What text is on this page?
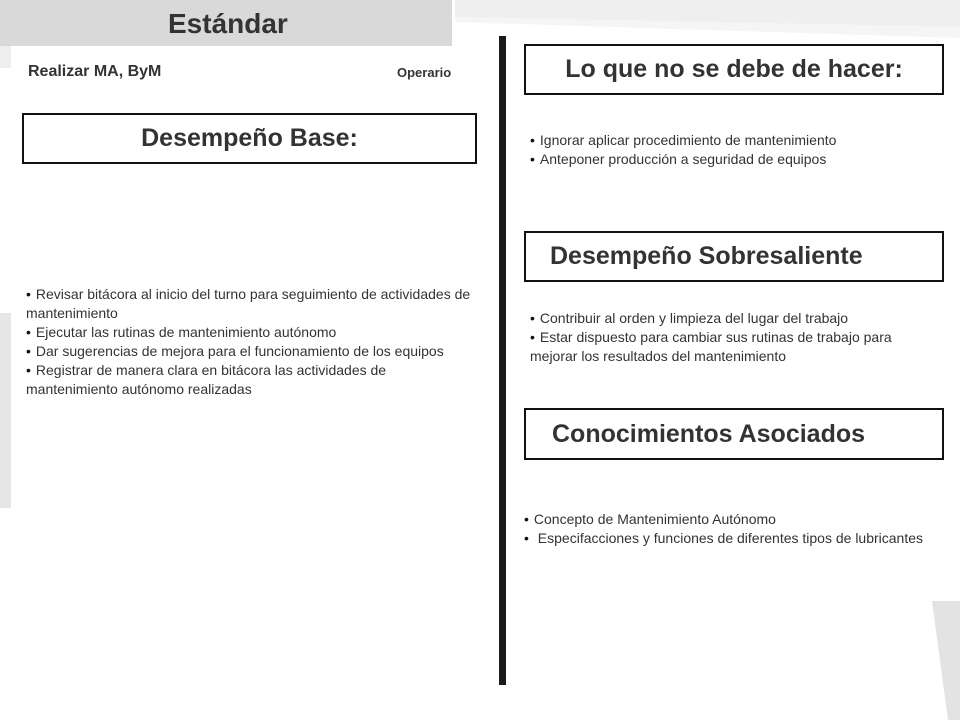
Estándar
Realizar MA, ByM	Operario
Desempeño Base:
• Revisar bitácora al inicio del turno para seguimiento de actividades de mantenimiento
• Ejecutar las rutinas de mantenimiento autónomo
• Dar sugerencias de mejora para el funcionamiento de los equipos
• Registrar de manera clara en bitácora las actividades de mantenimiento autónomo realizadas
Lo que no se debe de hacer:
• Ignorar aplicar procedimiento de mantenimiento
• Anteponer producción a seguridad de equipos
Desempeño Sobresaliente
• Contribuir al orden y limpieza del lugar del trabajo
• Estar dispuesto para cambiar sus rutinas de trabajo para mejorar los resultados del mantenimiento
Conocimientos Asociados
• Concepto de Mantenimiento Autónomo
• Especifacciones y funciones de diferentes tipos de lubricantes
